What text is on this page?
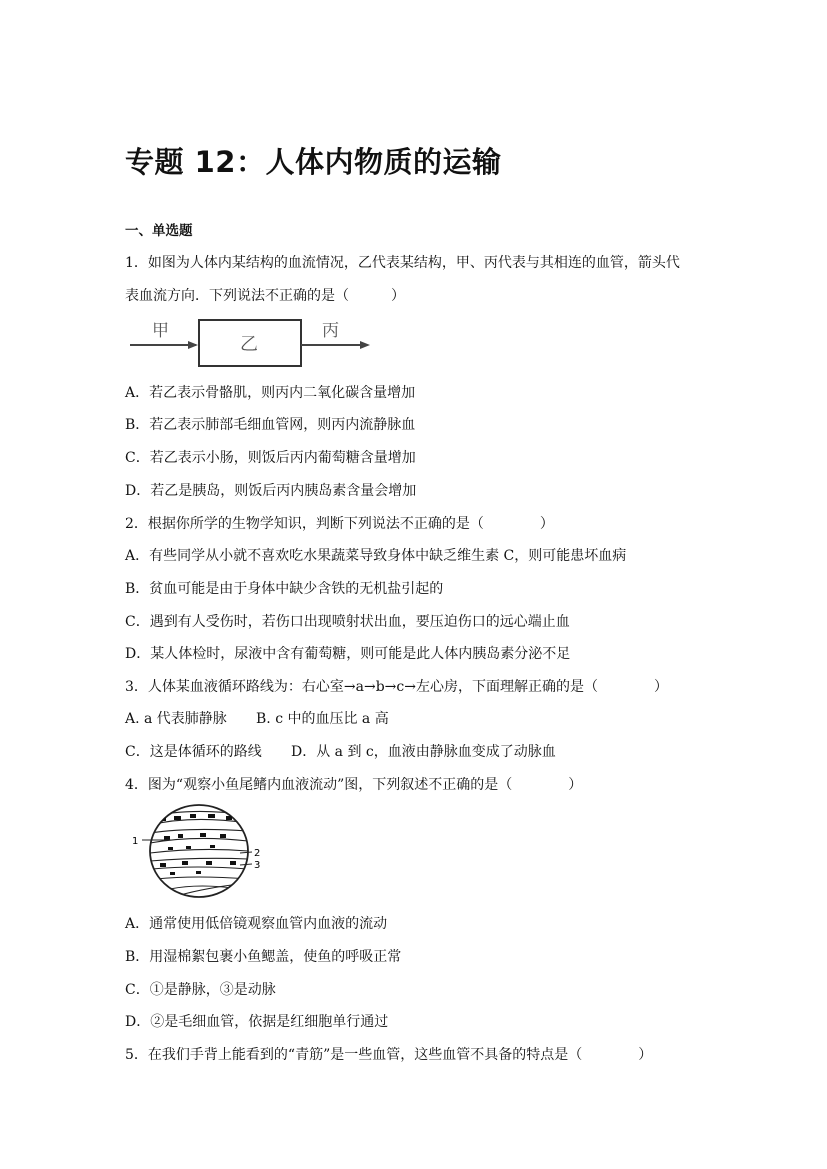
专题 12：人体内物质的运输
一、单选题
1．如图为人体内某结构的血流情况，乙代表某结构，甲、丙代表与其相连的血管，箭头代
表血流方向．下列说法不正确的是（　　　）
甲
乙
丙
A．若乙表示骨骼肌，则丙内二氧化碳含量增加
B．若乙表示肺部毛细血管网，则丙内流静脉血
C．若乙表示小肠，则饭后丙内葡萄糖含量增加
D．若乙是胰岛，则饭后丙内胰岛素含量会增加
2．根据你所学的生物学知识，判断下列说法不正确的是（　　　　）
A．有些同学从小就不喜欢吃水果蔬菜导致身体中缺乏维生素 C，则可能患坏血病
B．贫血可能是由于身体中缺少含铁的无机盐引起的
C．遇到有人受伤时，若伤口出现喷射状出血，要压迫伤口的远心端止血
D．某人体检时，尿液中含有葡萄糖，则可能是此人体内胰岛素分泌不足
3．人体某血液循环路线为：右心室→a→b→c→左心房，下面理解正确的是（　　　　）
A. a 代表肺静脉 B. c 中的血压比 a 高
C．这是体循环的路线 D．从 a 到 c，血液由静脉血变成了动脉血
4．图为“观察小鱼尾鳍内血液流动”图，下列叙述不正确的是（　　　　）
1
2
3
A．通常使用低倍镜观察血管内血液的流动
B．用湿棉絮包裹小鱼鳃盖，使鱼的呼吸正常
C．①是静脉，③是动脉
D．②是毛细血管，依据是红细胞单行通过
5．在我们手背上能看到的“青筋”是一些血管，这些血管不具备的特点是（　　　　）
